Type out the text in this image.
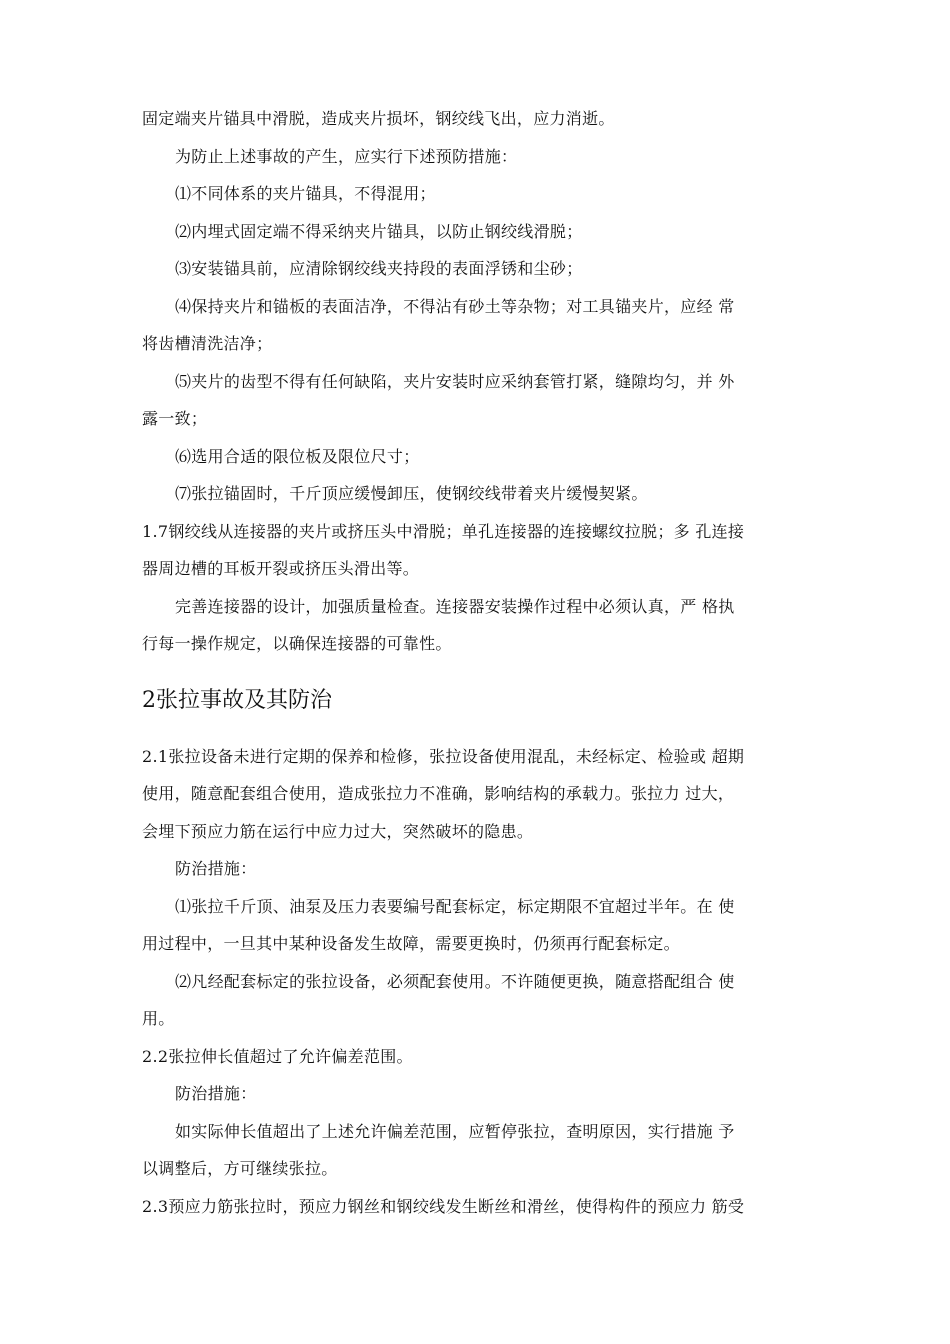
固定端夹片锚具中滑脱，造成夹片损坏，钢绞线飞出，应力消逝。
为防止上述事故的产生，应实行下述预防措施：
⑴不同体系的夹片锚具，不得混用；
⑵内埋式固定端不得采纳夹片锚具，以防止钢绞线滑脱；
⑶安装锚具前，应清除钢绞线夹持段的表面浮锈和尘砂；
⑷保持夹片和锚板的表面洁净，不得沾有砂土等杂物；对工具锚夹片，应经 常
将齿槽清洗洁净；
⑸夹片的齿型不得有任何缺陷，夹片安装时应采纳套管打紧，缝隙均匀，并 外
露一致；
⑹选用合适的限位板及限位尺寸；
⑺张拉锚固时，千斤顶应缓慢卸压，使钢绞线带着夹片缓慢契紧。
1.7钢绞线从连接器的夹片或挤压头中滑脱；单孔连接器的连接螺纹拉脱；多 孔连接
器周边槽的耳板开裂或挤压头滑出等。
完善连接器的设计，加强质量检查。连接器安装操作过程中必须认真，严 格执
行每一操作规定，以确保连接器的可靠性。
2张拉事故及其防治
2.1张拉设备未进行定期的保养和检修，张拉设备使用混乱，未经标定、检验或 超期
使用，随意配套组合使用，造成张拉力不准确，影响结构的承载力。张拉力 过大，
会埋下预应力筋在运行中应力过大，突然破坏的隐患。
防治措施：
⑴张拉千斤顶、油泵及压力表要编号配套标定，标定期限不宜超过半年。在 使
用过程中，一旦其中某种设备发生故障，需要更换时，仍须再行配套标定。
⑵凡经配套标定的张拉设备，必须配套使用。不许随便更换，随意搭配组合 使
用。
2.2张拉伸长值超过了允许偏差范围。
防治措施：
如实际伸长值超出了上述允许偏差范围，应暂停张拉，查明原因，实行措施 予
以调整后，方可继续张拉。
2.3预应力筋张拉时，预应力钢丝和钢绞线发生断丝和滑丝，使得构件的预应力 筋受
